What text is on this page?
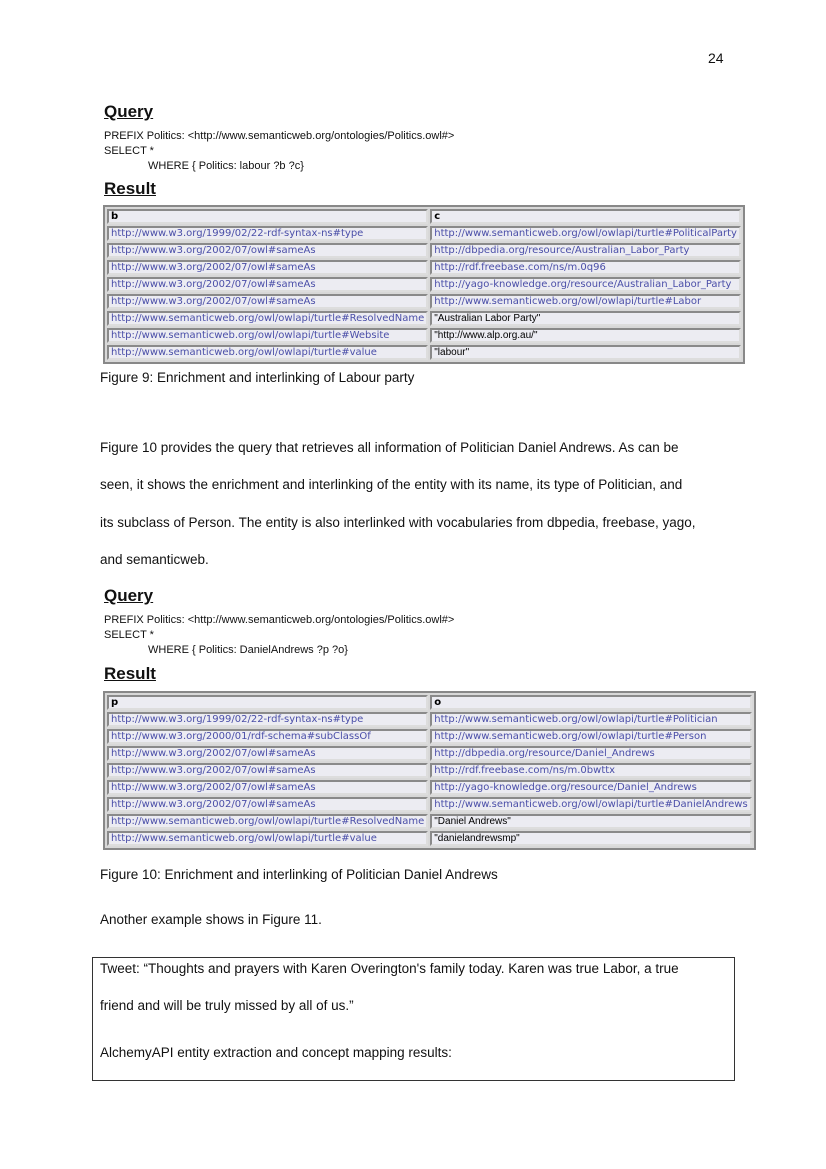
24
Query
PREFIX Politics: <http://www.semanticweb.org/ontologies/Politics.owl#>
SELECT *
WHERE { Politics: labour ?b ?c}
Result
b	c
http://www.w3.org/1999/02/22-rdf-syntax-ns#type	http://www.semanticweb.org/owl/owlapi/turtle#PoliticalParty
http://www.w3.org/2002/07/owl#sameAs	http://dbpedia.org/resource/Australian_Labor_Party
http://www.w3.org/2002/07/owl#sameAs	http://rdf.freebase.com/ns/m.0q96
http://www.w3.org/2002/07/owl#sameAs	http://yago-knowledge.org/resource/Australian_Labor_Party
http://www.w3.org/2002/07/owl#sameAs	http://www.semanticweb.org/owl/owlapi/turtle#Labor
http://www.semanticweb.org/owl/owlapi/turtle#ResolvedName	"Australian Labor Party"
http://www.semanticweb.org/owl/owlapi/turtle#Website	"http://www.alp.org.au/"
http://www.semanticweb.org/owl/owlapi/turtle#value	"labour"
Figure 9: Enrichment and interlinking of Labour party
Figure 10 provides the query that retrieves all information of Politician Daniel Andrews. As can be
seen, it shows the enrichment and interlinking of the entity with its name, its type of Politician, and
its subclass of Person. The entity is also interlinked with vocabularies from dbpedia, freebase, yago,
and semanticweb.
Query
PREFIX Politics: <http://www.semanticweb.org/ontologies/Politics.owl#>
SELECT *
WHERE { Politics: DanielAndrews ?p ?o}
Result
p	o
http://www.w3.org/1999/02/22-rdf-syntax-ns#type	http://www.semanticweb.org/owl/owlapi/turtle#Politician
http://www.w3.org/2000/01/rdf-schema#subClassOf	http://www.semanticweb.org/owl/owlapi/turtle#Person
http://www.w3.org/2002/07/owl#sameAs	http://dbpedia.org/resource/Daniel_Andrews
http://www.w3.org/2002/07/owl#sameAs	http://rdf.freebase.com/ns/m.0bwttx
http://www.w3.org/2002/07/owl#sameAs	http://yago-knowledge.org/resource/Daniel_Andrews
http://www.w3.org/2002/07/owl#sameAs	http://www.semanticweb.org/owl/owlapi/turtle#DanielAndrews
http://www.semanticweb.org/owl/owlapi/turtle#ResolvedName	"Daniel Andrews"
http://www.semanticweb.org/owl/owlapi/turtle#value	"danielandrewsmp"
Figure 10: Enrichment and interlinking of Politician Daniel Andrews
Another example shows in Figure 11.
Tweet: “Thoughts and prayers with Karen Overington's family today. Karen was true Labor, a true
friend and will be truly missed by all of us.”
AlchemyAPI entity extraction and concept mapping results:
